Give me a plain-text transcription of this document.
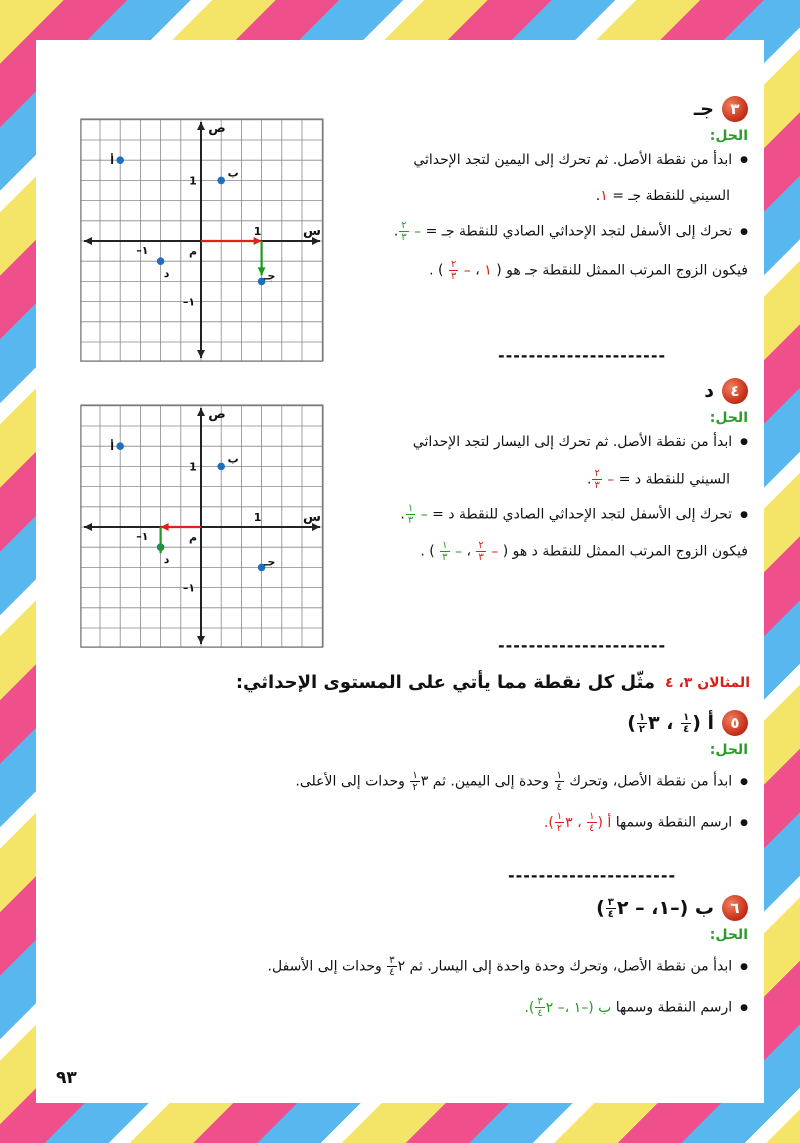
س
ص
م
1
–١
1
–١
أ
ب
د	جـ
س
ص
م
1
–١
1
–١
أ
ب
د	جـ
٣
جـ
الحل:
● ابدأ من نقطة الأصل. ثم تحرك إلى اليمين لتجد الإحداثي
السيني للنقطة جـ = ١.
● تحرك إلى الأسفل لتجد الإحداثي الصادي للنقطة جـ = –
$\frac{٢}{٣}$
.
فيكون الزوج المرتب الممثل للنقطة جـ هو ( ١ ، –
$\frac{٢}{٣}$
) .
----------------------
٤
د
الحل:
● ابدأ من نقطة الأصل. ثم تحرك إلى اليسار لتجد الإحداثي
السيني للنقطة د = –
$\frac{٢}{٣}$
.
● تحرك إلى الأسفل لتجد الإحداثي الصادي للنقطة د = –
$\frac{١}{٣}$
.
فيكون الزوج المرتب الممثل للنقطة د هو ( –
$\frac{٢}{٣}$
، –
$\frac{١}{٣}$
) .
----------------------
المثالان ٣، ٤
مثّل كل نقطة مما يأتي على المستوى الإحداثي:
٥
أ (
$\frac{١}{٤}$
، ٣
$\frac{١}{٢}$
)
الحل:
● ابدأ من نقطة الأصل، وتحرك
$\frac{١}{٤}$
وحدة إلى اليمين. ثم ٣
$\frac{١}{٢}$
وحدات إلى الأعلى.
● ارسم النقطة وسمها أ (
$\frac{١}{٤}$
، ٣
$\frac{١}{٢}$
).
----------------------
٦
ب (–١، – ٢
$\frac{٣}{٤}$
)
الحل:
● ابدأ من نقطة الأصل، وتحرك وحدة واحدة إلى اليسار. ثم ٢
$\frac{٣}{٤}$
وحدات إلى الأسفل.
● ارسم النقطة وسمها ب (–١ ،– ٢
$\frac{٣}{٤}$
).
٩٣
